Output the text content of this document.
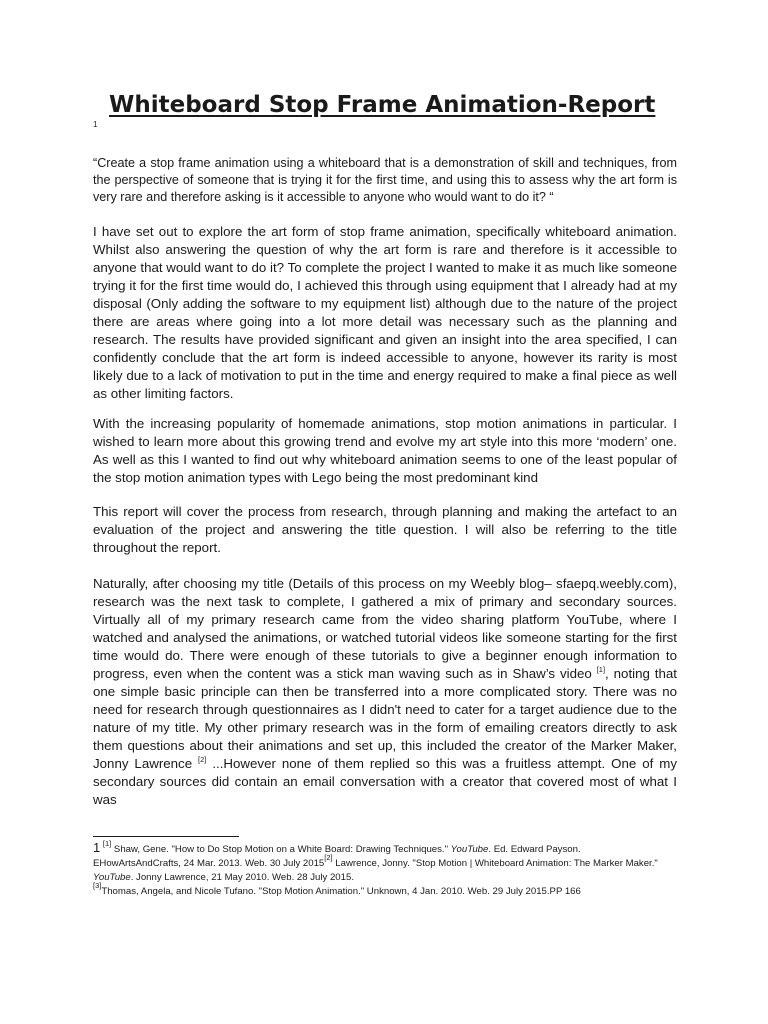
Whiteboard Stop Frame Animation-Report
1
“Create a stop frame animation using a whiteboard that is a demonstration of skill and techniques, from the perspective of someone that is trying it for the first time, and using this to assess why the art form is very rare and therefore asking is it accessible to anyone who would want to do it? “

I have set out to explore the art form of stop frame animation, specifically whiteboard animation. Whilst also answering the question of why the art form is rare and therefore is it accessible to anyone that would want to do it? To complete the project I wanted to make it as much like someone trying it for the first time would do, I achieved this through using equipment that I already had at my disposal (Only adding the software to my equipment list) although due to the nature of the project there are areas where going into a lot more detail was necessary such as the planning and research. The results have provided significant and given an insight into the area specified, I can confidently conclude that the art form is indeed accessible to anyone, however its rarity is most likely due to a lack of motivation to put in the time and energy required to make a final piece as well as other limiting factors.

With the increasing popularity of homemade animations, stop motion animations in particular. I wished to learn more about this growing trend and evolve my art style into this more ‘modern’ one. As well as this I wanted to find out why whiteboard animation seems to one of the least popular of the stop motion animation types with Lego being the most predominant kind

This report will cover the process from research, through planning and making the artefact to an evaluation of the project and answering the title question. I will also be referring to the title throughout the report.

Naturally, after choosing my title (Details of this process on my Weebly blog– sfaepq.weebly.com), research was the next task to complete, I gathered a mix of primary and secondary sources. Virtually all of my primary research came from the video sharing platform YouTube, where I watched and analysed the animations, or watched tutorial videos like someone starting for the first time would do. There were enough of these tutorials to give a beginner enough information to progress, even when the content was a stick man waving such as in Shaw’s video [1], noting that one simple basic principle can then be transferred into a more complicated story. There was no need for research through questionnaires as I didn't need to cater for a target audience due to the nature of my title. My other primary research was in the form of emailing creators directly to ask them questions about their animations and set up, this included the creator of the Marker Maker, Jonny Lawrence [2] ...However none of them replied so this was a fruitless attempt. One of my secondary sources did contain an email conversation with a creator that covered most of what I was

1 [1] Shaw, Gene. "How to Do Stop Motion on a White Board: Drawing Techniques." YouTube. Ed. Edward Payson.
EHowArtsAndCrafts, 24 Mar. 2013. Web. 30 July 2015[2] Lawrence, Jonny. "Stop Motion | Whiteboard Animation: The Marker Maker." YouTube. Jonny Lawrence, 21 May 2010. Web. 28 July 2015.
[3]Thomas, Angela, and Nicole Tufano. "Stop Motion Animation." Unknown, 4 Jan. 2010. Web. 29 July 2015.PP 166
